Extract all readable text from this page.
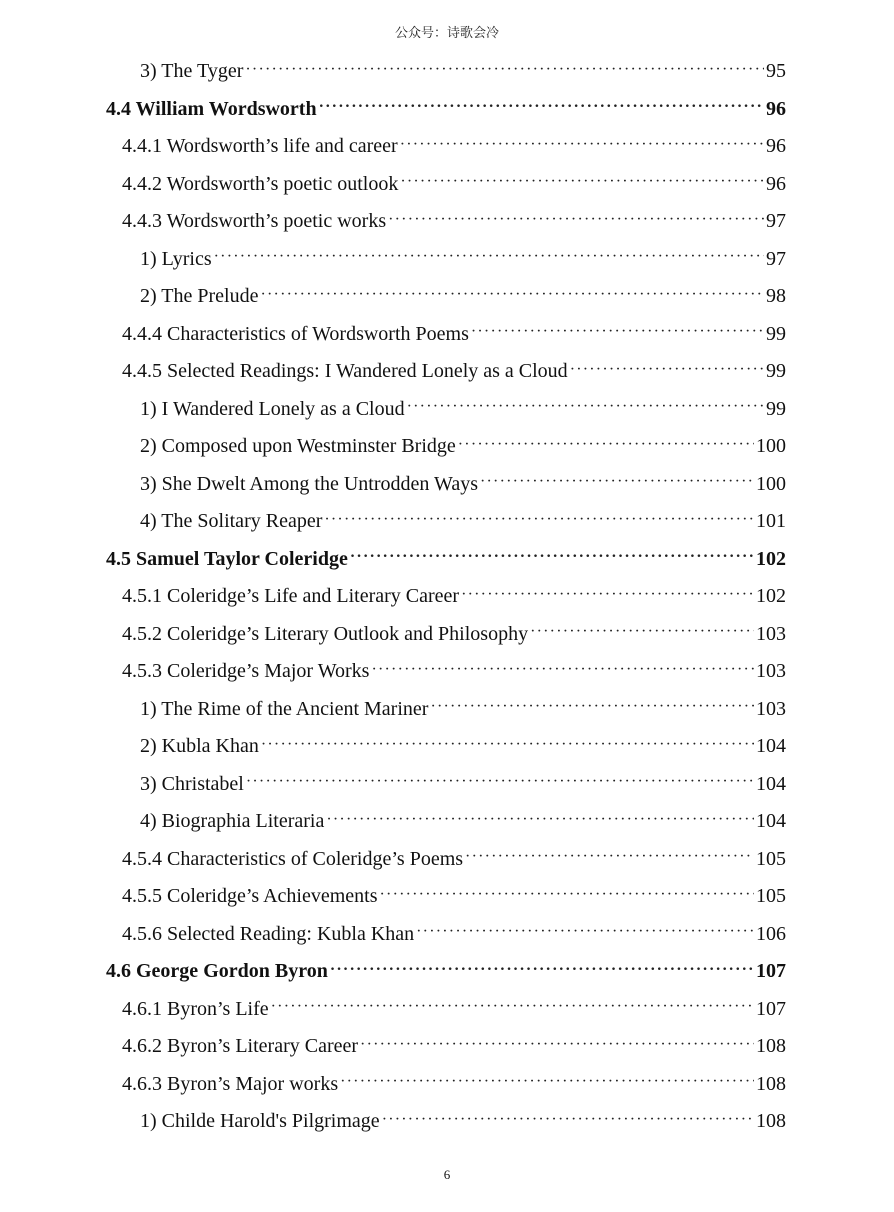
公众号：诗歌会冷
3) The Tyger ·····	95
4.4 William Wordsworth ·····	96
4.4.1 Wordsworth’s life and career ·····	96
4.4.2 Wordsworth’s poetic outlook ·····	96
4.4.3 Wordsworth’s poetic works ·····	97
1) Lyrics ·····	97
2) The Prelude ·····	98
4.4.4 Characteristics of Wordsworth Poems ·····	99
4.4.5 Selected Readings: I Wandered Lonely as a Cloud ·····	99
1) I Wandered Lonely as a Cloud ·····	99
2) Composed upon Westminster Bridge ·····	100
3) She Dwelt Among the Untrodden Ways ·····	100
4) The Solitary Reaper ·····	101
4.5 Samuel Taylor Coleridge ·····	102
4.5.1 Coleridge’s Life and Literary Career ·····	102
4.5.2 Coleridge’s Literary Outlook and Philosophy ·····	103
4.5.3 Coleridge’s Major Works ·····	103
1) The Rime of the Ancient Mariner ·····	103
2) Kubla Khan ·····	104
3) Christabel ·····	104
4) Biographia Literaria ·····	104
4.5.4 Characteristics of Coleridge’s Poems ·····	105
4.5.5 Coleridge’s Achievements ·····	105
4.5.6 Selected Reading: Kubla Khan ·····	106
4.6 George Gordon Byron ·····	107
4.6.1 Byron’s Life ·····	107
4.6.2 Byron’s Literary Career ·····	108
4.6.3 Byron’s Major works ·····	108
1) Childe Harold's Pilgrimage ·····	108
6
